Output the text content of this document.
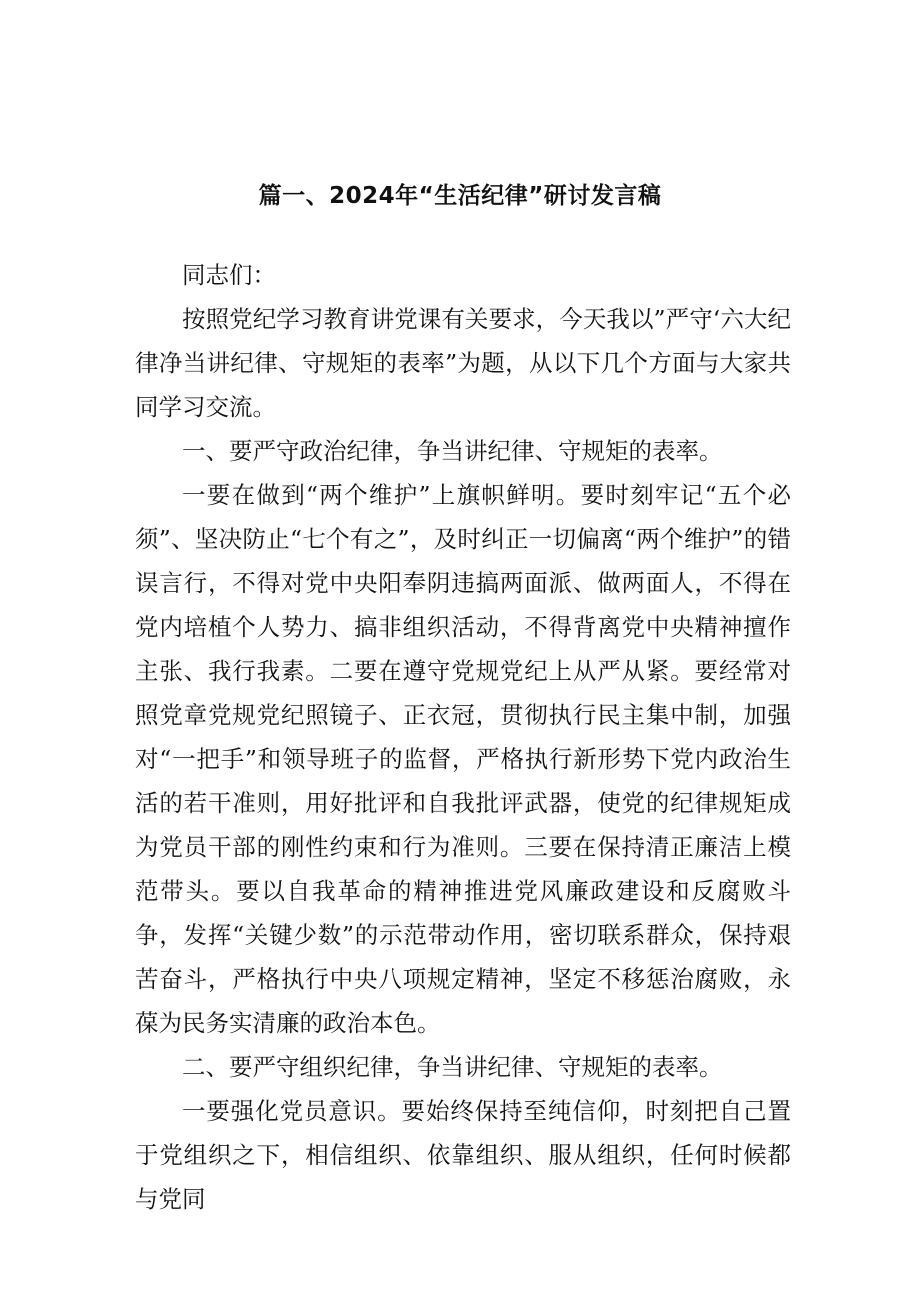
篇一、2024年“生活纪律”研讨发言稿

同志们：

按照党纪学习教育讲党课有关要求，今天我以”严守‘六大纪律净当讲纪律、守规矩的表率”为题，从以下几个方面与大家共同学习交流。

一、要严守政治纪律，争当讲纪律、守规矩的表率。

一要在做到“两个维护”上旗帜鲜明。要时刻牢记“五个必须”、坚决防止“七个有之”，及时纠正一切偏离“两个维护”的错误言行，不得对党中央阳奉阴违搞两面派、做两面人，不得在党内培植个人势力、搞非组织活动，不得背离党中央精神擅作主张、我行我素。二要在遵守党规党纪上从严从紧。要经常对照党章党规党纪照镜子、正衣冠，贯彻执行民主集中制，加强对“一把手”和领导班子的监督，严格执行新形势下党内政治生活的若干准则，用好批评和自我批评武器，使党的纪律规矩成为党员干部的刚性约束和行为准则。三要在保持清正廉洁上模范带头。要以自我革命的精神推进党风廉政建设和反腐败斗争，发挥“关键少数”的示范带动作用，密切联系群众，保持艰苦奋斗，严格执行中央八项规定精神，坚定不移惩治腐败，永葆为民务实清廉的政治本色。

二、要严守组织纪律，争当讲纪律、守规矩的表率。

一要强化党员意识。要始终保持至纯信仰，时刻把自己置于党组织之下，相信组织、依靠组织、服从组织，任何时候都与党同
